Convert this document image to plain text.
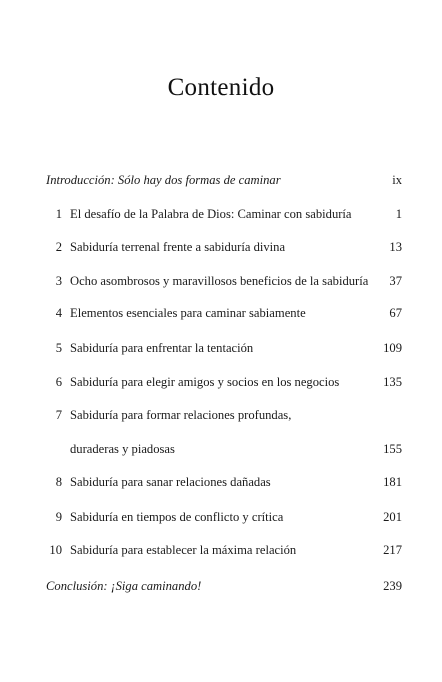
Contenido
Introducción: Sólo hay dos formas de caminar	ix
1 El desafío de la Palabra de Dios: Caminar con sabiduría	1
2 Sabiduría terrenal frente a sabiduría divina	13
3 Ocho asombrosos y maravillosos beneficios de la sabiduría 37
4 Elementos esenciales para caminar sabiamente	67
5 Sabiduría para enfrentar la tentación	109
6 Sabiduría para elegir amigos y socios en los negocios	135
7 Sabiduría para formar relaciones profundas,
duraderas y piadosas	155
8 Sabiduría para sanar relaciones dañadas	181
9 Sabiduría en tiempos de conflicto y crítica	201
10 Sabiduría para establecer la máxima relación	217
Conclusión: ¡Siga caminando!	239
